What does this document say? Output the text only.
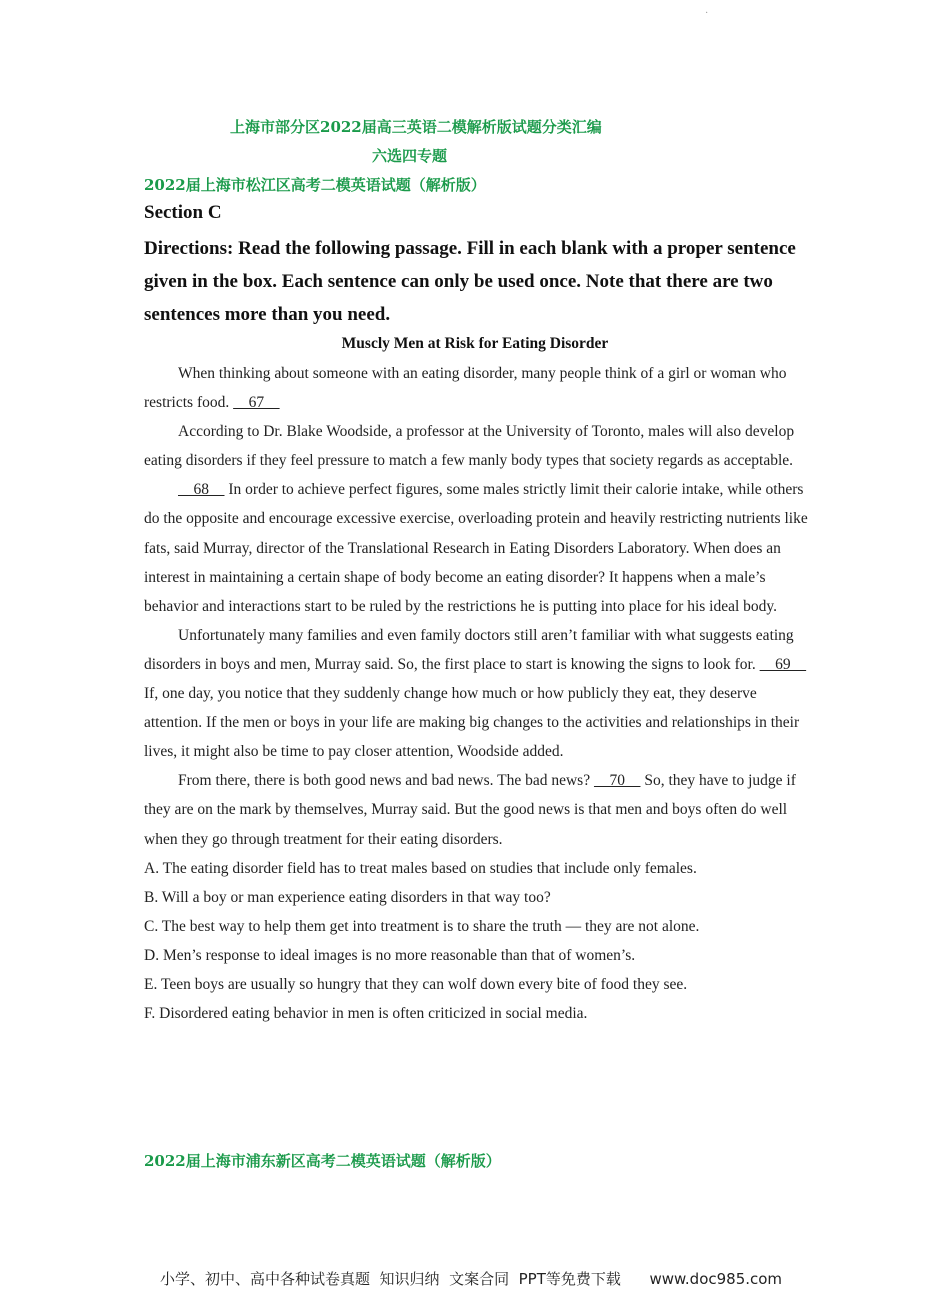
·
上海市部分区2022届高三英语二模解析版试题分类汇编
六选四专题
2022届上海市松江区高考二模英语试题（解析版）
Section C
Directions: Read the following passage. Fill in each blank with a proper sentence given in the box. Each sentence can only be used once. Note that there are two sentences more than you need.
Muscly Men at Risk for Eating Disorder

When thinking about someone with an eating disorder, many people think of a girl or woman who restricts food.     67

According to Dr. Blake Woodside, a professor at the University of Toronto, males will also develop eating disorders if they feel pressure to match a few manly body types that society regards as acceptable.

68     In order to achieve perfect figures, some males strictly limit their calorie intake, while others do the opposite and encourage excessive exercise, overloading protein and heavily restricting nutrients like fats, said Murray, director of the Translational Research in Eating Disorders Laboratory. When does an interest in maintaining a certain shape of body become an eating disorder? It happens when a male’s behavior and interactions start to be ruled by the restrictions he is putting into place for his ideal body.

Unfortunately many families and even family doctors still aren’t familiar with what suggests eating disorders in boys and men, Murray said. So, the first place to start is knowing the signs to look for.     69     If, one day, you notice that they suddenly change how much or how publicly they eat, they deserve attention. If the men or boys in your life are making big changes to the activities and relationships in their lives, it might also be time to pay closer attention, Woodside added.

From there, there is both good news and bad news. The bad news?     70     So, they have to judge if they are on the mark by themselves, Murray said. But the good news is that men and boys often do well when they go through treatment for their eating disorders.

A. The eating disorder field has to treat males based on studies that include only females.

B. Will a boy or man experience eating disorders in that way too?

C. The best way to help them get into treatment is to share the truth — they are not alone.

D. Men’s response to ideal images is no more reasonable than that of women’s.

E. Teen boys are usually so hungry that they can wolf down every bite of food they see.

F. Disordered eating behavior in men is often criticized in social media.

2022届上海市浦东新区高考二模英语试题（解析版）
小学、初中、高中各种试卷真题  知识归纳  文案合同  PPT等免费下载      www.doc985.com
